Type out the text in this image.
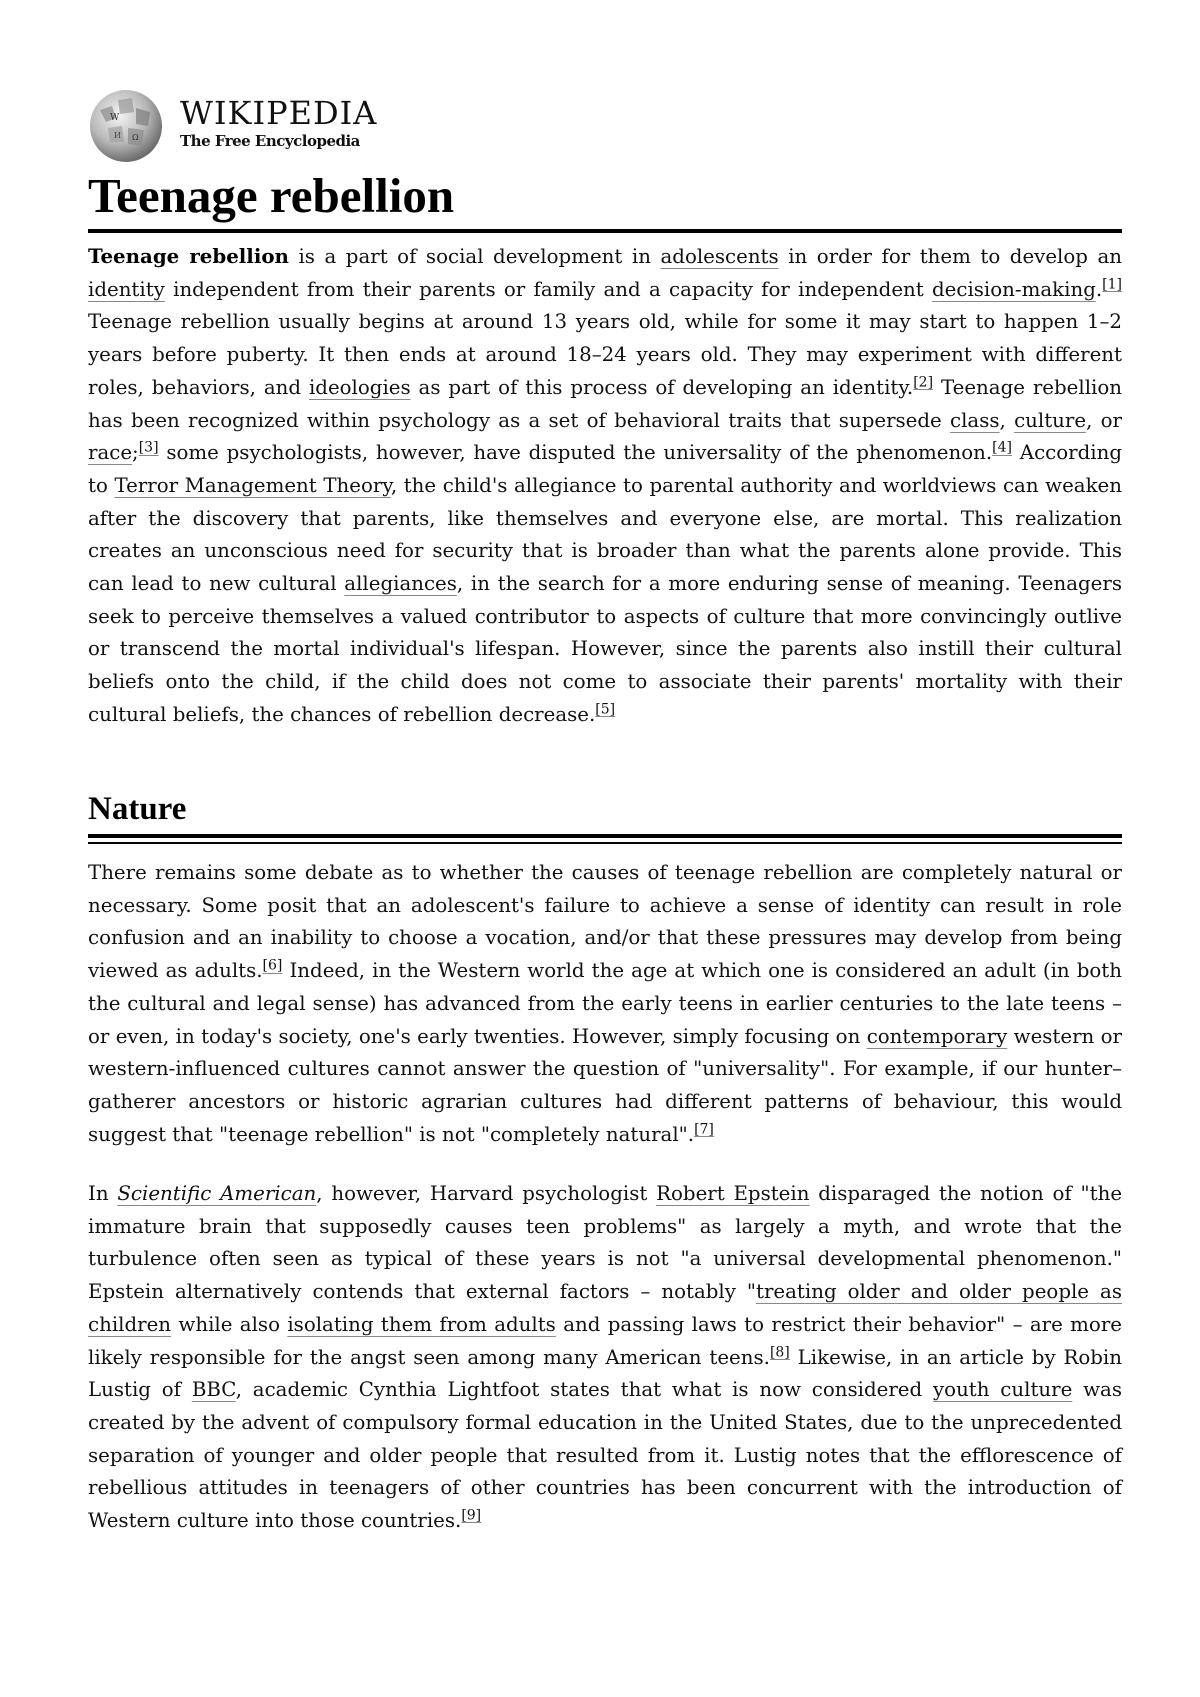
W
Ω
И
WIKIPEDIA
The Free Encyclopedia
Teenage rebellion

Teenage rebellion is a part of social development in adolescents in order for them to develop an identity independent from their parents or family and a capacity for independent decision-making.[1] Teenage rebellion usually begins at around 13 years old, while for some it may start to happen 1–2 years before puberty. It then ends at around 18–24 years old. They may experiment with different roles, behaviors, and ideologies as part of this process of developing an identity.[2] Teenage rebellion has been recognized within psychology as a set of behavioral traits that supersede class, culture, or race;[3] some psychologists, however, have disputed the universality of the phenomenon.[4] According to Terror Management Theory, the child's allegiance to parental authority and worldviews can weaken after the discovery that parents, like themselves and everyone else, are mortal. This realization creates an unconscious need for security that is broader than what the parents alone provide. This can lead to new cultural allegiances, in the search for a more enduring sense of meaning. Teenagers seek to perceive themselves a valued contributor to aspects of culture that more convincingly outlive or transcend the mortal individual's lifespan. However, since the parents also instill their cultural beliefs onto the child, if the child does not come to associate their parents' mortality with their cultural beliefs, the chances of rebellion decrease.[5]

Nature

There remains some debate as to whether the causes of teenage rebellion are completely natural or necessary. Some posit that an adolescent's failure to achieve a sense of identity can result in role confusion and an inability to choose a vocation, and/or that these pressures may develop from being viewed as adults.[6] Indeed, in the Western world the age at which one is considered an adult (in both the cultural and legal sense) has advanced from the early teens in earlier centuries to the late teens – or even, in today's society, one's early twenties. However, simply focusing on contemporary western or western-influenced cultures cannot answer the question of "universality". For example, if our hunter–gatherer ancestors or historic agrarian cultures had different patterns of behaviour, this would suggest that "teenage rebellion" is not "completely natural".[7]

In Scientific American, however, Harvard psychologist Robert Epstein disparaged the notion of "the immature brain that supposedly causes teen problems" as largely a myth, and wrote that the turbulence often seen as typical of these years is not "a universal developmental phenomenon." Epstein alternatively contends that external factors – notably "treating older and older people as children while also isolating them from adults and passing laws to restrict their behavior" – are more likely responsible for the angst seen among many American teens.[8] Likewise, in an article by Robin Lustig of BBC, academic Cynthia Lightfoot states that what is now considered youth culture was created by the advent of compulsory formal education in the United States, due to the unprecedented separation of younger and older people that resulted from it. Lustig notes that the efflorescence of rebellious attitudes in teenagers of other countries has been concurrent with the introduction of Western culture into those countries.[9]
